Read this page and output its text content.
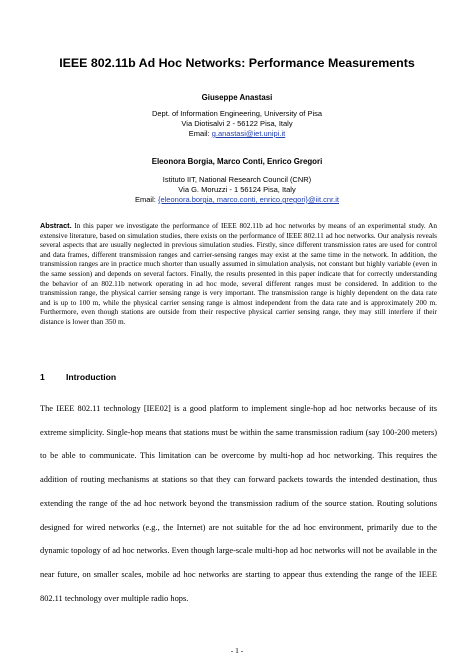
IEEE 802.11b Ad Hoc Networks: Performance Measurements
Giuseppe Anastasi
Dept. of Information Engineering, University of Pisa
Via Diotisalvi 2 - 56122 Pisa, Italy
Email: g.anastasi@iet.unipi.it
Eleonora Borgia, Marco Conti, Enrico Gregori
Istituto IIT, National Research Council (CNR)
Via G. Moruzzi - 1 56124 Pisa, Italy
Email: {eleonora.borgia, marco.conti, enrico.gregori}@iit.cnr.it

Abstract. In this paper we investigate the performance of IEEE 802.11b ad hoc networks by means of an experimental study. An extensive literature, based on simulation studies, there exists on the performance of IEEE 802.11 ad hoc networks. Our analysis reveals several aspects that are usually neglected in previous simulation studies. Firstly, since different transmission rates are used for control and data frames, different transmission ranges and carrier-sensing ranges may exist at the same time in the network. In addition, the transmission ranges are in practice much shorter than usually assumed in simulation analysis, not constant but highly variable (even in the same session) and depends on several factors. Finally, the results presented in this paper indicate that for correctly understanding the behavior of an 802.11b network operating in ad hoc mode, several different ranges must be considered. In addition to the transmission range, the physical carrier sensing range is very important. The transmission range is highly dependent on the data rate and is up to 100 m, while the physical carrier sensing range is almost independent from the data rate and is approximately 200 m. Furthermore, even though stations are outside from their respective physical carrier sensing range, they may still interfere if their distance is lower than 350 m.

1 Introduction

The IEEE 802.11 technology [IEE02] is a good platform to implement single-hop ad hoc networks because of its extreme simplicity. Single-hop means that stations must be within the same transmission radium (say 100-200 meters) to be able to communicate. This limitation can be overcome by multi-hop ad hoc networking. This requires the addition of routing mechanisms at stations so that they can forward packets towards the intended destination, thus extending the range of the ad hoc network beyond the transmission radium of the source station. Routing solutions designed for wired networks (e.g., the Internet) are not suitable for the ad hoc environment, primarily due to the dynamic topology of ad hoc networks. Even though large-scale multi-hop ad hoc networks will not be available in the near future, on smaller scales, mobile ad hoc networks are starting to appear thus extending the range of the IEEE 802.11 technology over multiple radio hops.

- 1 -
